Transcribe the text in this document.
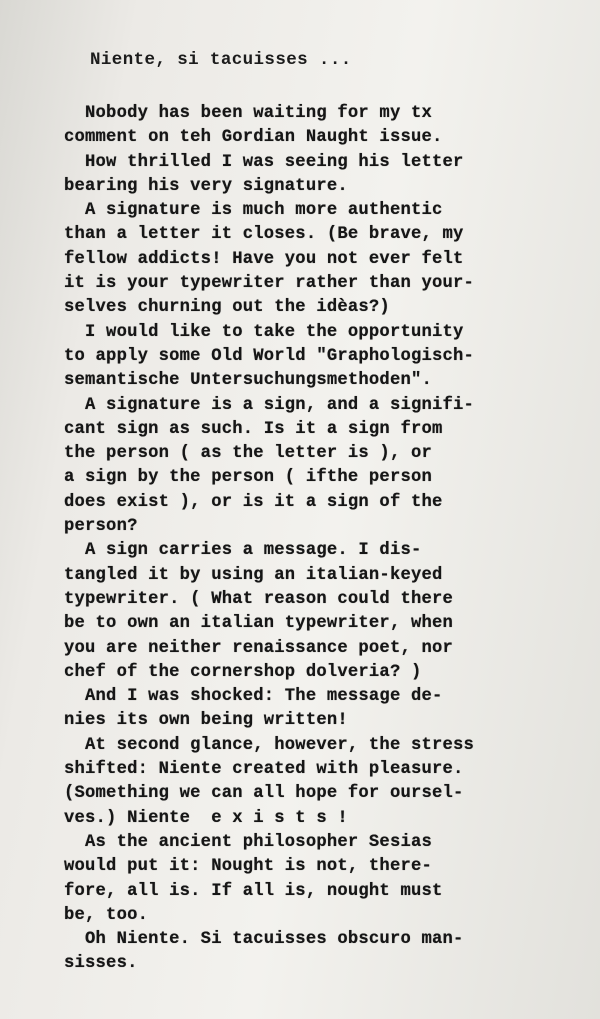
Niente, si tacuisses ...
Nobody has been waiting for my tx
comment on teh Gordian Naught issue.
How thrilled I was seeing his letter
bearing his very signature.
A signature is much more authentic
than a letter it closes. (Be brave, my
fellow addicts! Have you not ever felt
it is your typewriter rather than your-
selves churning out the idèas?)
I would like to take the opportunity
to apply some Old World "Graphologisch-
semantische Untersuchungsmethoden".
A signature is a sign, and a signifi-
cant sign as such. Is it a sign from
the person ( as the letter is ), or
a sign by the person ( ifthe person
does exist ), or is it a sign of the
person?
A sign carries a message. I dis-
tangled it by using an italian-keyed
typewriter. ( What reason could there
be to own an italian typewriter, when
you are neither renaissance poet, nor
chef of the cornershop dolveria? )
And I was shocked: The message de-
nies its own being written!
At second glance, however, the stress
shifted: Niente created with pleasure.
(Something we can all hope for oursel-
ves.) Niente  e x i s t s !
As the ancient philosopher Sesias
would put it: Nought is not, there-
fore, all is. If all is, nought must
be, too.
Oh Niente. Si tacuisses obscuro man-
sisses.
